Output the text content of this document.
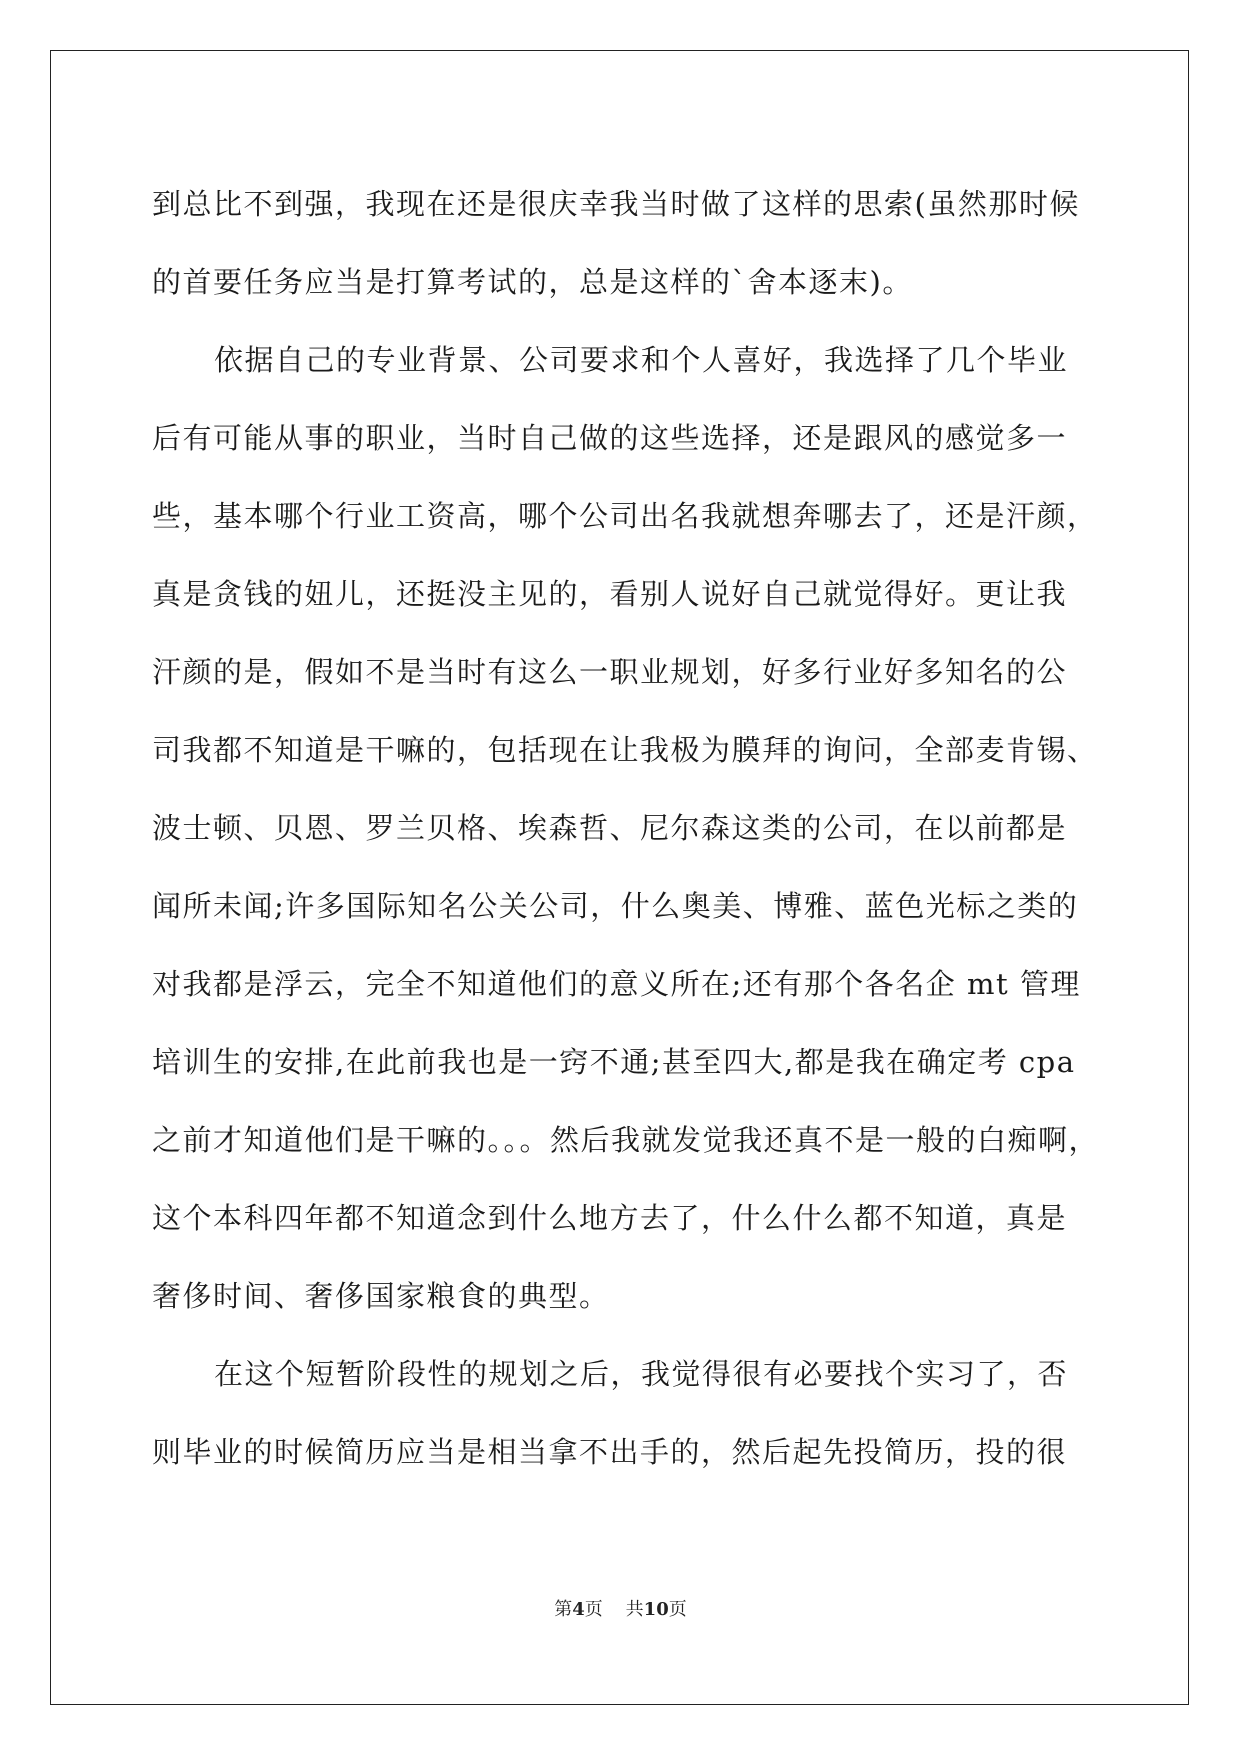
到总比不到强，我现在还是很庆幸我当时做了这样的思索(虽然那时候
的首要任务应当是打算考试的，总是这样的`舍本逐末)。
依据自己的专业背景、公司要求和个人喜好，我选择了几个毕业
后有可能从事的职业，当时自己做的这些选择，还是跟风的感觉多一
些，基本哪个行业工资高，哪个公司出名我就想奔哪去了，还是汗颜，
真是贪钱的妞儿，还挺没主见的，看别人说好自己就觉得好。更让我
汗颜的是，假如不是当时有这么一职业规划，好多行业好多知名的公
司我都不知道是干嘛的，包括现在让我极为膜拜的询问，全部麦肯锡、
波士顿、贝恩、罗兰贝格、埃森哲、尼尔森这类的公司，在以前都是
闻所未闻;许多国际知名公关公司，什么奥美、博雅、蓝色光标之类的
对我都是浮云，完全不知道他们的意义所在;还有那个各名企 mt 管理
培训生的安排,在此前我也是一窍不通;甚至四大,都是我在确定考 cpa
之前才知道他们是干嘛的。。。然后我就发觉我还真不是一般的白痴啊，
这个本科四年都不知道念到什么地方去了，什么什么都不知道，真是
奢侈时间、奢侈国家粮食的典型。
在这个短暂阶段性的规划之后，我觉得很有必要找个实习了，否
则毕业的时候简历应当是相当拿不出手的，然后起先投简历，投的很
第4页 共10页
